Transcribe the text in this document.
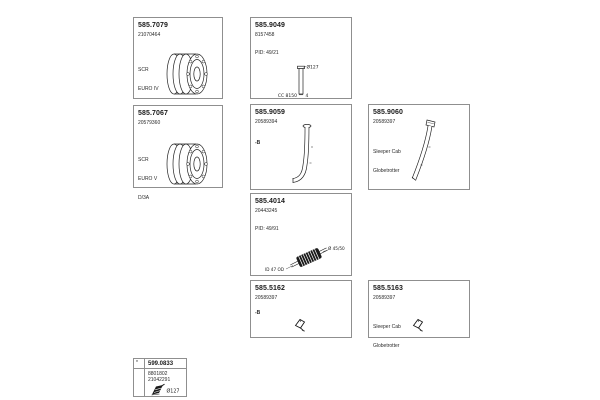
585.7079
21070464

SCR

EURO IV

585.9049
8157458

PID: 49/21

Ø127
CC 8150 4
585.7067
20579360

SCR

EURO V

D/3A

585.9059
20589394
-B
585.9060
20589397

Sleeper Cab

Globetrotter

585.4014
20443245

PID: 49/91

ID 47 OD
Ø 45/50
585.5162
20589397
-B
585.5163
20589397

Sleeper Cab

Globetrotter

* 599.0833
8801802
21042291
Ø127
